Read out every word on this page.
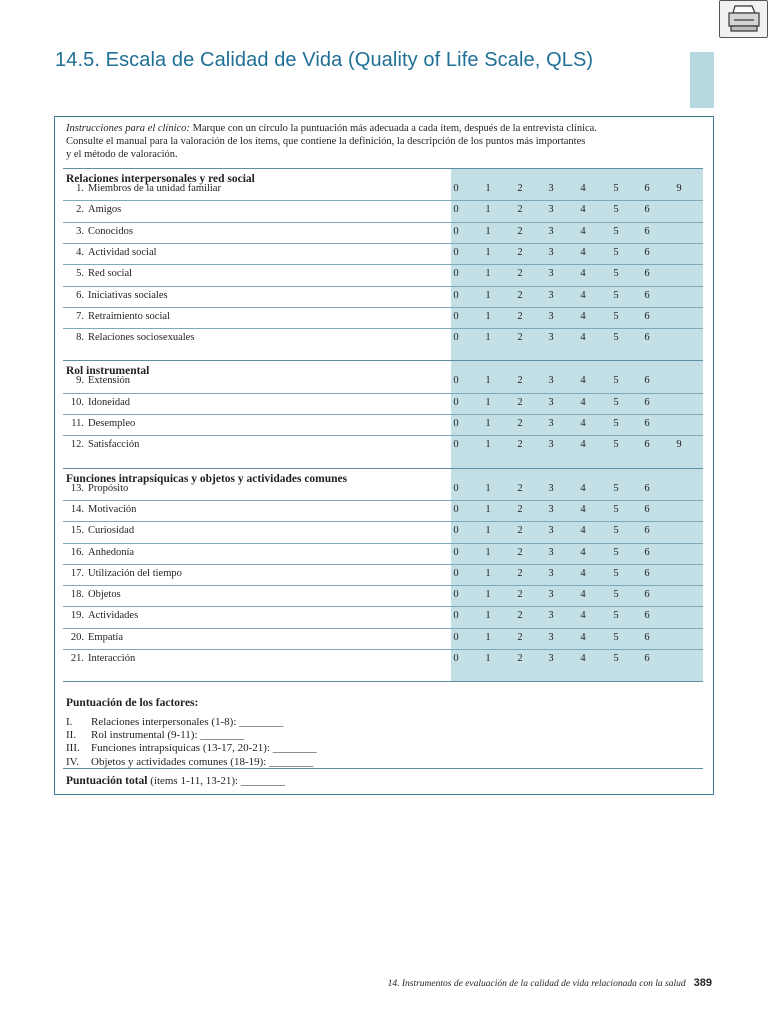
14.5. Escala de Calidad de Vida (Quality of Life Scale, QLS)
Instrucciones para el clínico: Marque con un círculo la puntuación más adecuada a cada ítem, después de la entrevista clínica.
Consulte el manual para la valoración de los ítems, que contiene la definición, la descripción de los puntos más importantes
y el método de valoración.
Relaciones interpersonales y red social
1. Miembros de la unidad familiar	0	1	2	3	4	5	6	9
2. Amigos	0	1	2	3	4	5	6
3. Conocidos	0	1	2	3	4	5	6
4. Actividad social	0	1	2	3	4	5	6
5. Red social	0	1	2	3	4	5	6
6. Iniciativas sociales	0	1	2	3	4	5	6
7. Retraimiento social	0	1	2	3	4	5	6
8. Relaciones sociosexuales	0	1	2	3	4	5	6
Rol instrumental
9. Extensión	0	1	2	3	4	5	6
10. Idoneidad	0	1	2	3	4	5	6
11. Desempleo	0	1	2	3	4	5	6
12. Satisfacción	0	1	2	3	4	5	6	9
Funciones intrapsíquicas y objetos y actividades comunes
13. Propósito	0	1	2	3	4	5	6
14. Motivación	0	1	2	3	4	5	6
15. Curiosidad	0	1	2	3	4	5	6
16. Anhedonía	0	1	2	3	4	5	6
17. Utilización del tiempo	0	1	2	3	4	5	6
18. Objetos	0	1	2	3	4	5	6
19. Actividades	0	1	2	3	4	5	6
20. Empatía	0	1	2	3	4	5	6
21. Interacción	0	1	2	3	4	5	6
Puntuación de los factores:
I. Relaciones interpersonales (1-8): ________
II. Rol instrumental (9-11): ________
III. Funciones intrapsíquicas (13-17, 20-21): ________
IV. Objetos y actividades comunes (18-19): ________
Puntuación total (ítems 1-11, 13-21): ________
14. Instrumentos de evaluación de la calidad de vida relacionada con la salud 389
